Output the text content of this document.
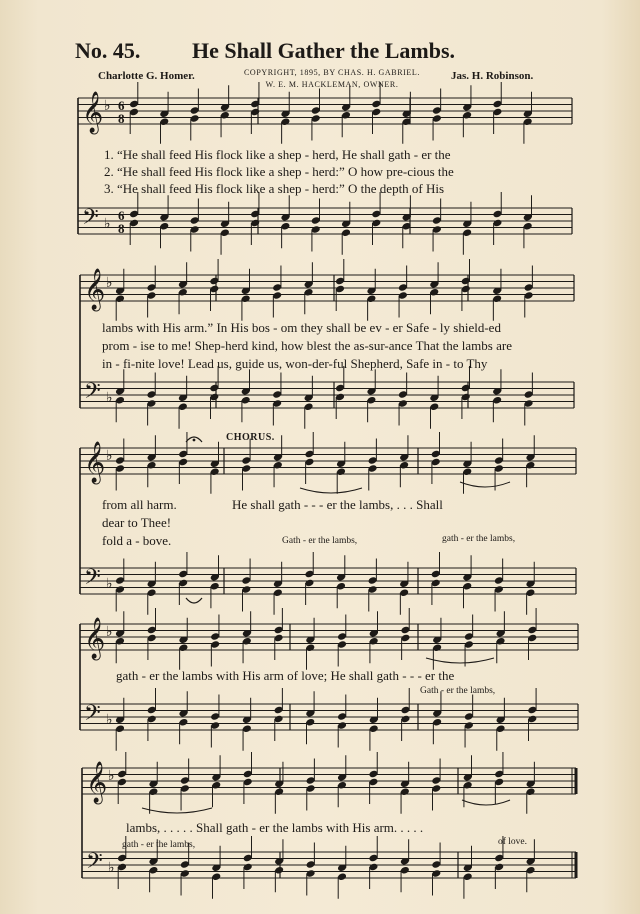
No. 45. He Shall Gather the Lambs.
Charlotte G. Homer.	COPYRIGHT, 1895, BY CHAS. H. GABRIEL.
W. E. M. HACKLEMAN, OWNER.
Jas. H. Robinson.
𝄞
𝄢
♭
♭
𝄞
𝄢
♭
♭
𝄞
𝄢
♭
♭
𝄞
𝄢
♭
♭
𝄞
𝄢
♭
♭
6
8
6
8
1. “He shall feed His flock like a shep - herd, He shall gath - er the
2. “He shall feed His flock like a shep - herd:” O how pre-cious the
3. “He shall feed His flock like a shep - herd:” O the depth of His
lambs with His arm.” In His bos - om they shall be ev - er Safe - ly shield-ed
prom - ise to me! Shep-herd kind, how blest the as-sur-ance That the lambs are
in - fi-nite love! Lead us, guide us, won-der-ful Shepherd, Safe in - to Thy
CHORUS.
from all harm.
dear to Thee!
fold a - bove.
He shall gath - - - er the lambs, . . . Shall
Gath - er the lambs,	gath - er the lambs,
gath - er the lambs with His arm of love; He shall gath - - - er the
Gath - er the lambs,
lambs, . . . . . Shall gath - er the lambs with His arm. . . . .
gath - er the lambs,	of love.
